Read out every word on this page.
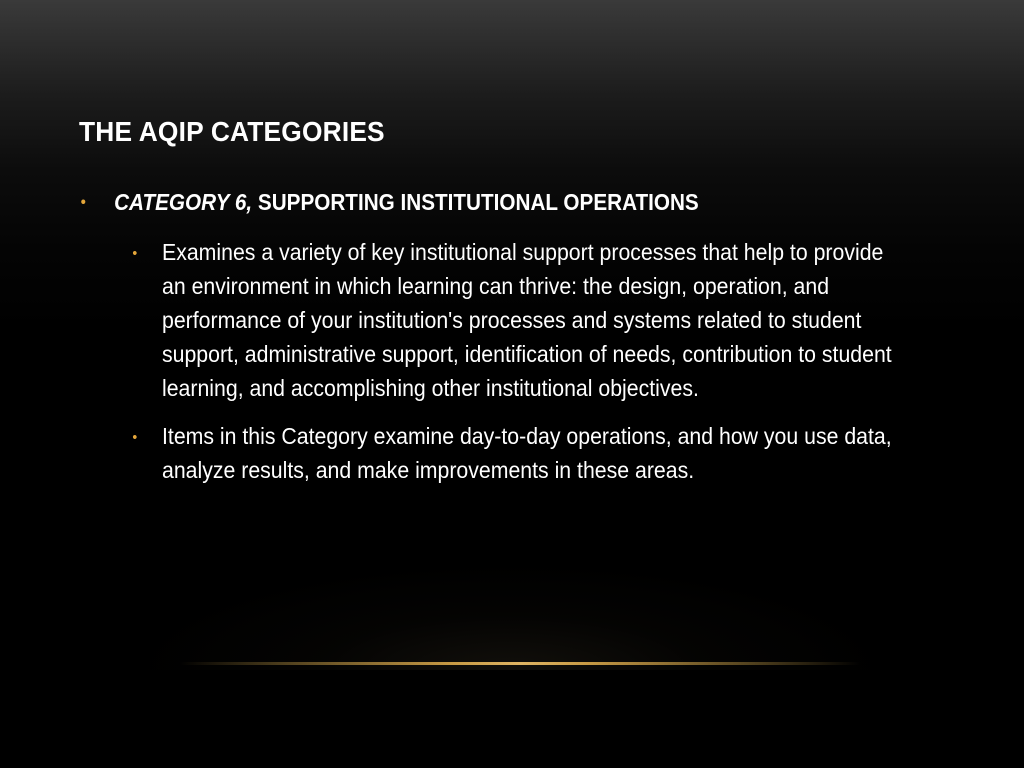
THE AQIP CATEGORIES
• CATEGORY 6, SUPPORTING INSTITUTIONAL OPERATIONS
• Examines a variety of key institutional support processes that help to provide an environment in which learning can thrive: the design, operation, and performance of your institution's processes and systems related to student support, administrative support, identification of needs, contribution to student learning, and accomplishing other institutional objectives.
• Items in this Category examine day-to-day operations, and how you use data, analyze results, and make improvements in these areas.
